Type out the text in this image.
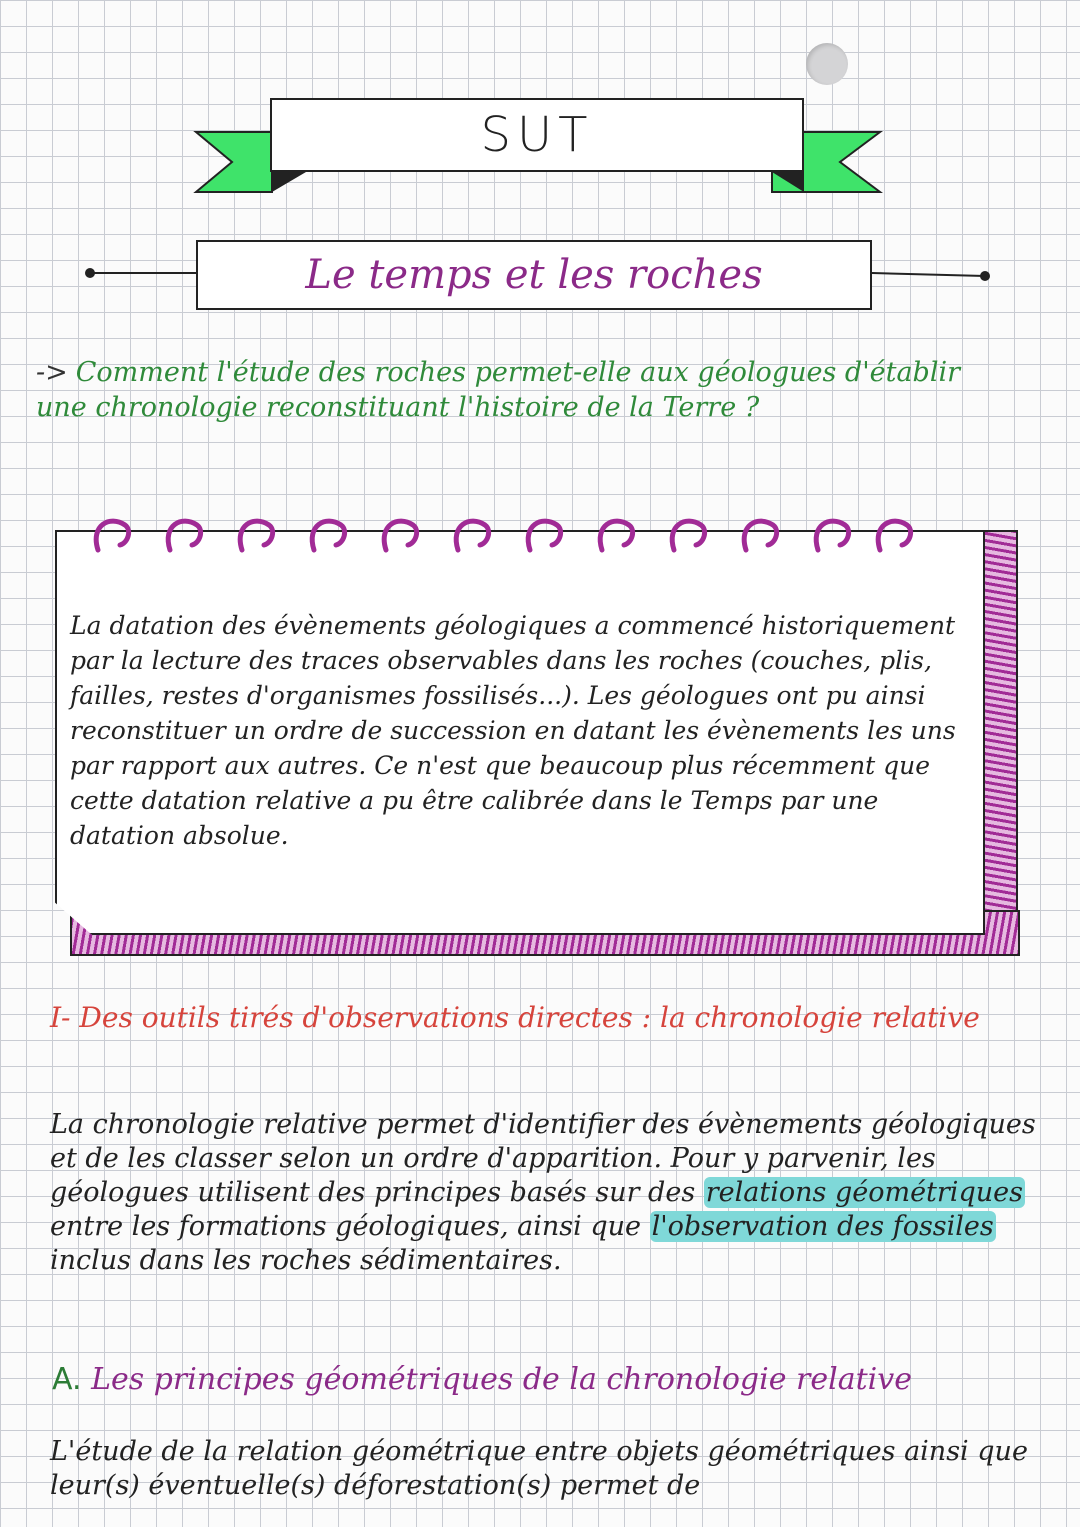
SUT
Le temps et les roches
-> Comment l'étude des roches permet-elle aux géologues d'établir une chronologie reconstituant l'histoire de la Terre ?
La datation des évènements géologiques a commencé historiquement par la lecture des traces observables dans les roches (couches, plis, failles, restes d'organismes fossilisés...). Les géologues ont pu ainsi reconstituer un ordre de succession en datant les évènements les uns par rapport aux autres. Ce n'est que beaucoup plus récemment que cette datation relative a pu être calibrée dans le Temps par une datation absolue.
I- Des outils tirés d'observations directes : la chronologie relative
La chronologie relative permet d'identifier des évènements géologiques et de les classer selon un ordre d'apparition. Pour y parvenir, les géologues utilisent des principes basés sur des relations géométriques entre les formations géologiques, ainsi que l'observation des fossiles inclus dans les roches sédimentaires.
A. Les principes géométriques de la chronologie relative
L'étude de la relation géométrique entre objets géométriques ainsi que leur(s) éventuelle(s) déforestation(s) permet de
